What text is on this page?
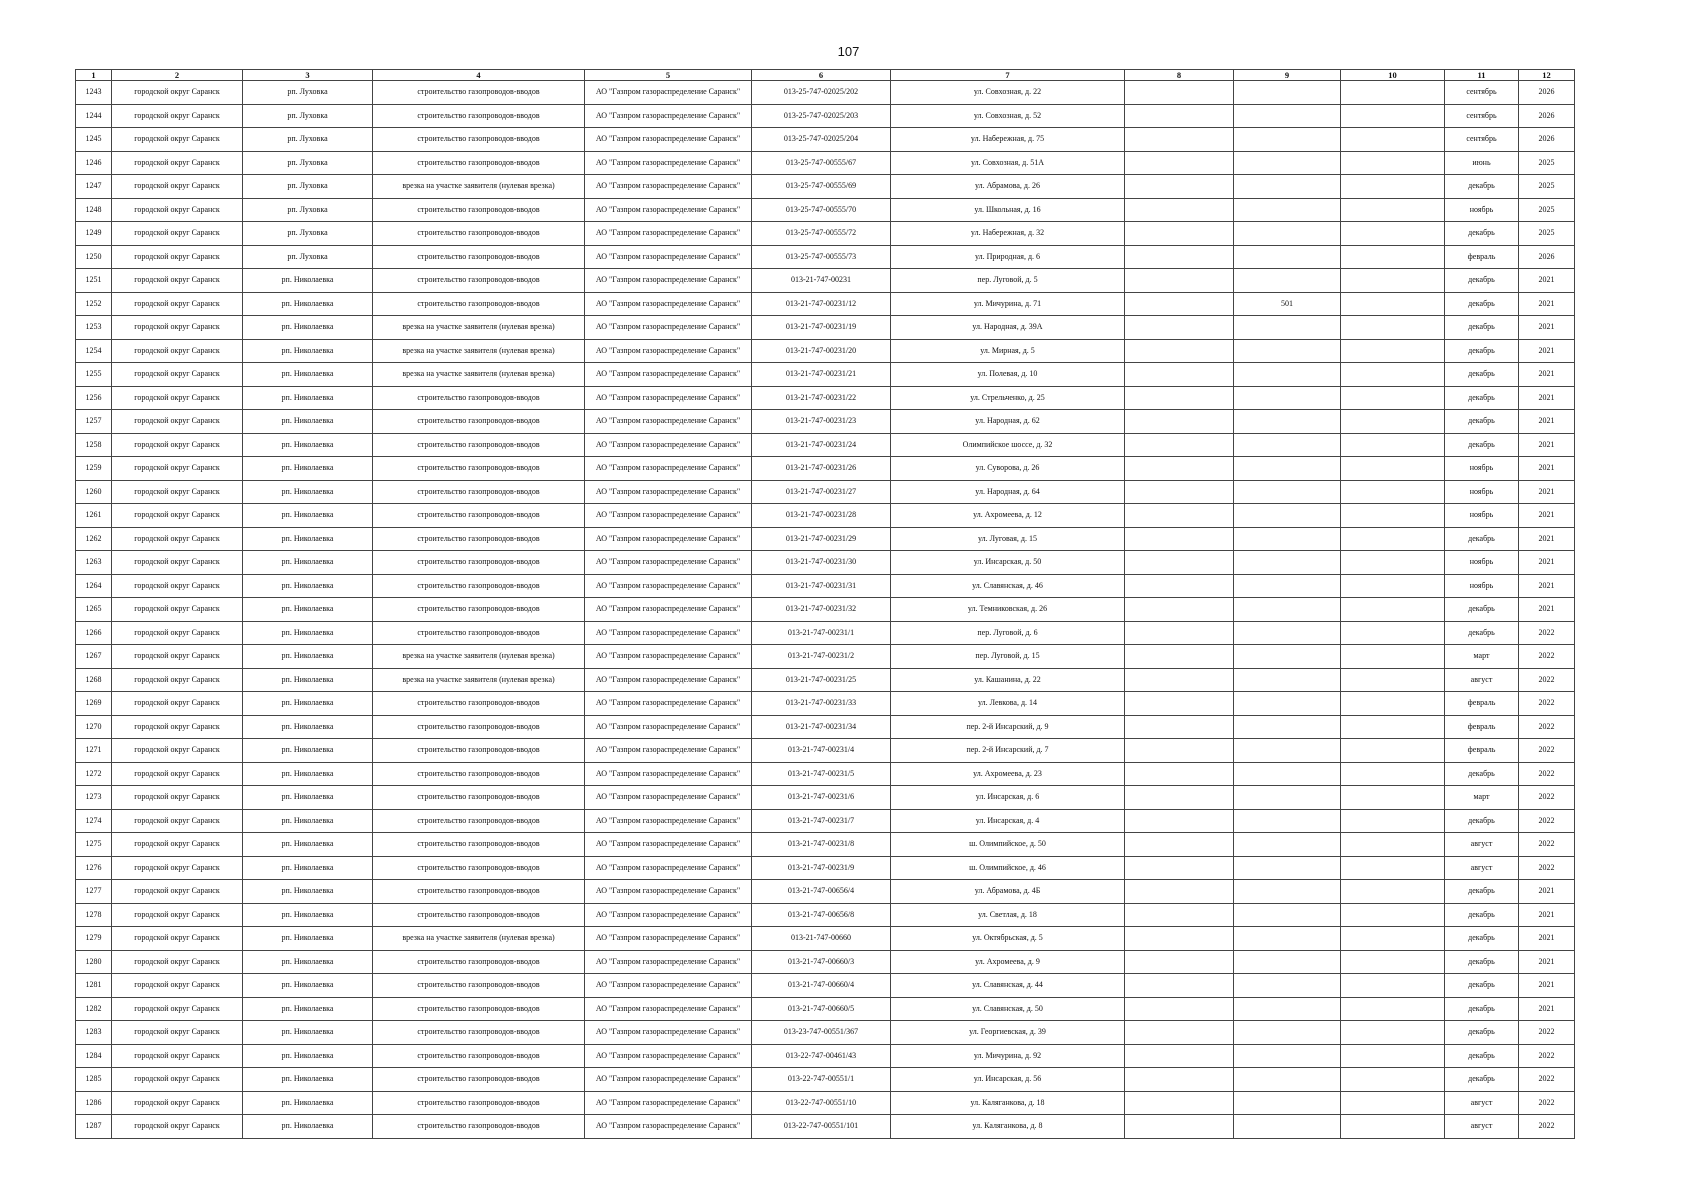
107
1	2	3	4	5	6	7	8	9	10	11	12
1243	городской округ Саранск	рп. Луховка	строительство газопроводов-вводов	АО "Газпром газораспределение Саранск"	013-25-747-02025/202	ул. Совхозная, д. 22				сентябрь	2026
1244	городской округ Саранск	рп. Луховка	строительство газопроводов-вводов	АО "Газпром газораспределение Саранск"	013-25-747-02025/203	ул. Совхозная, д. 52				сентябрь	2026
1245	городской округ Саранск	рп. Луховка	строительство газопроводов-вводов	АО "Газпром газораспределение Саранск"	013-25-747-02025/204	ул. Набережная, д. 75				сентябрь	2026
1246	городской округ Саранск	рп. Луховка	строительство газопроводов-вводов	АО "Газпром газораспределение Саранск"	013-25-747-00555/67	ул. Совхозная, д. 51А				июнь	2025
1247	городской округ Саранск	рп. Луховка	врезка на участке заявителя (нулевая врезка)	АО "Газпром газораспределение Саранск"	013-25-747-00555/69	ул. Абрамова, д. 26				декабрь	2025
1248	городской округ Саранск	рп. Луховка	строительство газопроводов-вводов	АО "Газпром газораспределение Саранск"	013-25-747-00555/70	ул. Школьная, д. 16				ноябрь	2025
1249	городской округ Саранск	рп. Луховка	строительство газопроводов-вводов	АО "Газпром газораспределение Саранск"	013-25-747-00555/72	ул. Набережная, д. 32				декабрь	2025
1250	городской округ Саранск	рп. Луховка	строительство газопроводов-вводов	АО "Газпром газораспределение Саранск"	013-25-747-00555/73	ул. Природная, д. 6				февраль	2026
1251	городской округ Саранск	рп. Николаевка	строительство газопроводов-вводов	АО "Газпром газораспределение Саранск"	013-21-747-00231	пер. Луговой, д. 5				декабрь	2021
1252	городской округ Саранск	рп. Николаевка	строительство газопроводов-вводов	АО "Газпром газораспределение Саранск"	013-21-747-00231/12	ул. Мичурина, д. 71		501		декабрь	2021
1253	городской округ Саранск	рп. Николаевка	врезка на участке заявителя (нулевая врезка)	АО "Газпром газораспределение Саранск"	013-21-747-00231/19	ул. Народная, д. 39А				декабрь	2021
1254	городской округ Саранск	рп. Николаевка	врезка на участке заявителя (нулевая врезка)	АО "Газпром газораспределение Саранск"	013-21-747-00231/20	ул. Мирная, д. 5				декабрь	2021
1255	городской округ Саранск	рп. Николаевка	врезка на участке заявителя (нулевая врезка)	АО "Газпром газораспределение Саранск"	013-21-747-00231/21	ул. Полевая, д. 10				декабрь	2021
1256	городской округ Саранск	рп. Николаевка	строительство газопроводов-вводов	АО "Газпром газораспределение Саранск"	013-21-747-00231/22	ул. Стрельченко, д. 25				декабрь	2021
1257	городской округ Саранск	рп. Николаевка	строительство газопроводов-вводов	АО "Газпром газораспределение Саранск"	013-21-747-00231/23	ул. Народная, д. 62				декабрь	2021
1258	городской округ Саранск	рп. Николаевка	строительство газопроводов-вводов	АО "Газпром газораспределение Саранск"	013-21-747-00231/24	Олимпийское шоссе, д. 32				декабрь	2021
1259	городской округ Саранск	рп. Николаевка	строительство газопроводов-вводов	АО "Газпром газораспределение Саранск"	013-21-747-00231/26	ул. Суворова, д. 26				ноябрь	2021
1260	городской округ Саранск	рп. Николаевка	строительство газопроводов-вводов	АО "Газпром газораспределение Саранск"	013-21-747-00231/27	ул. Народная, д. 64				ноябрь	2021
1261	городской округ Саранск	рп. Николаевка	строительство газопроводов-вводов	АО "Газпром газораспределение Саранск"	013-21-747-00231/28	ул. Ахромеева, д. 12				ноябрь	2021
1262	городской округ Саранск	рп. Николаевка	строительство газопроводов-вводов	АО "Газпром газораспределение Саранск"	013-21-747-00231/29	ул. Луговая, д. 15				декабрь	2021
1263	городской округ Саранск	рп. Николаевка	строительство газопроводов-вводов	АО "Газпром газораспределение Саранск"	013-21-747-00231/30	ул. Инсарская, д. 50				ноябрь	2021
1264	городской округ Саранск	рп. Николаевка	строительство газопроводов-вводов	АО "Газпром газораспределение Саранск"	013-21-747-00231/31	ул. Славянская, д. 46				ноябрь	2021
1265	городской округ Саранск	рп. Николаевка	строительство газопроводов-вводов	АО "Газпром газораспределение Саранск"	013-21-747-00231/32	ул. Темниковская, д. 26				декабрь	2021
1266	городской округ Саранск	рп. Николаевка	строительство газопроводов-вводов	АО "Газпром газораспределение Саранск"	013-21-747-00231/1	пер. Луговой, д. 6				декабрь	2022
1267	городской округ Саранск	рп. Николаевка	врезка на участке заявителя (нулевая врезка)	АО "Газпром газораспределение Саранск"	013-21-747-00231/2	пер. Луговой, д. 15				март	2022
1268	городской округ Саранск	рп. Николаевка	врезка на участке заявителя (нулевая врезка)	АО "Газпром газораспределение Саранск"	013-21-747-00231/25	ул. Кашанина, д. 22				август	2022
1269	городской округ Саранск	рп. Николаевка	строительство газопроводов-вводов	АО "Газпром газораспределение Саранск"	013-21-747-00231/33	ул. Левкова, д. 14				февраль	2022
1270	городской округ Саранск	рп. Николаевка	строительство газопроводов-вводов	АО "Газпром газораспределение Саранск"	013-21-747-00231/34	пер. 2-й Инсарский, д. 9				февраль	2022
1271	городской округ Саранск	рп. Николаевка	строительство газопроводов-вводов	АО "Газпром газораспределение Саранск"	013-21-747-00231/4	пер. 2-й Инсарский, д. 7				февраль	2022
1272	городской округ Саранск	рп. Николаевка	строительство газопроводов-вводов	АО "Газпром газораспределение Саранск"	013-21-747-00231/5	ул. Ахромеева, д. 23				декабрь	2022
1273	городской округ Саранск	рп. Николаевка	строительство газопроводов-вводов	АО "Газпром газораспределение Саранск"	013-21-747-00231/6	ул. Инсарская, д. 6				март	2022
1274	городской округ Саранск	рп. Николаевка	строительство газопроводов-вводов	АО "Газпром газораспределение Саранск"	013-21-747-00231/7	ул. Инсарская, д. 4				декабрь	2022
1275	городской округ Саранск	рп. Николаевка	строительство газопроводов-вводов	АО "Газпром газораспределение Саранск"	013-21-747-00231/8	ш. Олимпийское, д. 50				август	2022
1276	городской округ Саранск	рп. Николаевка	строительство газопроводов-вводов	АО "Газпром газораспределение Саранск"	013-21-747-00231/9	ш. Олимпийское, д. 46				август	2022
1277	городской округ Саранск	рп. Николаевка	строительство газопроводов-вводов	АО "Газпром газораспределение Саранск"	013-21-747-00656/4	ул. Абрамова, д. 4Б				декабрь	2021
1278	городской округ Саранск	рп. Николаевка	строительство газопроводов-вводов	АО "Газпром газораспределение Саранск"	013-21-747-00656/8	ул. Светлая, д. 18				декабрь	2021
1279	городской округ Саранск	рп. Николаевка	врезка на участке заявителя (нулевая врезка)	АО "Газпром газораспределение Саранск"	013-21-747-00660	ул. Октябрьская, д. 5				декабрь	2021
1280	городской округ Саранск	рп. Николаевка	строительство газопроводов-вводов	АО "Газпром газораспределение Саранск"	013-21-747-00660/3	ул. Ахромеева, д. 9				декабрь	2021
1281	городской округ Саранск	рп. Николаевка	строительство газопроводов-вводов	АО "Газпром газораспределение Саранск"	013-21-747-00660/4	ул. Славянская, д. 44				декабрь	2021
1282	городской округ Саранск	рп. Николаевка	строительство газопроводов-вводов	АО "Газпром газораспределение Саранск"	013-21-747-00660/5	ул. Славянская, д. 50				декабрь	2021
1283	городской округ Саранск	рп. Николаевка	строительство газопроводов-вводов	АО "Газпром газораспределение Саранск"	013-23-747-00551/367	ул. Георгиевская, д. 39				декабрь	2022
1284	городской округ Саранск	рп. Николаевка	строительство газопроводов-вводов	АО "Газпром газораспределение Саранск"	013-22-747-00461/43	ул. Мичурина, д. 92				декабрь	2022
1285	городской округ Саранск	рп. Николаевка	строительство газопроводов-вводов	АО "Газпром газораспределение Саранск"	013-22-747-00551/1	ул. Инсарская, д. 56				декабрь	2022
1286	городской округ Саранск	рп. Николаевка	строительство газопроводов-вводов	АО "Газпром газораспределение Саранск"	013-22-747-00551/10	ул. Каляганкова, д. 18				август	2022
1287	городской округ Саранск	рп. Николаевка	строительство газопроводов-вводов	АО "Газпром газораспределение Саранск"	013-22-747-00551/101	ул. Каляганкова, д. 8				август	2022
